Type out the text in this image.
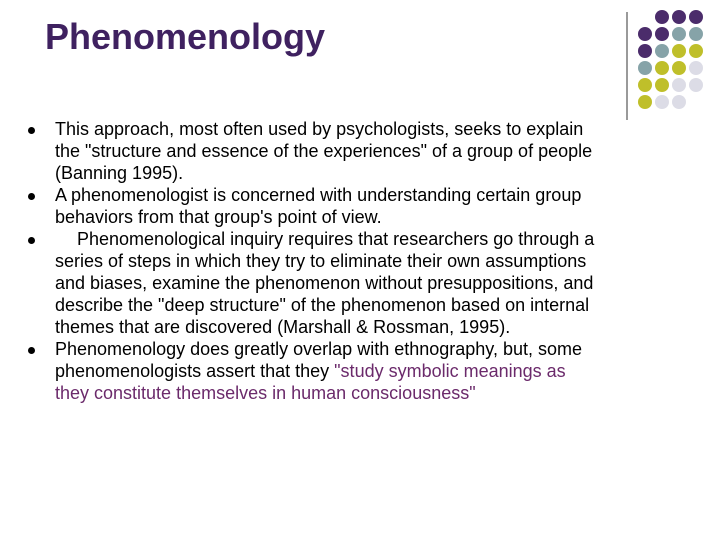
Phenomenology
This approach, most often used by psychologists, seeks to explain
the "structure and essence of the experiences" of a group of people
(Banning 1995).
A phenomenologist is concerned with understanding certain group
behaviors from that group's point of view.
Phenomenological inquiry requires that researchers go through a
series of steps in which they try to eliminate their own assumptions
and biases, examine the phenomenon without presuppositions, and
describe the "deep structure" of the phenomenon based on internal
themes that are discovered (Marshall & Rossman, 1995).
Phenomenology does greatly overlap with ethnography, but, some
phenomenologists assert that they "study symbolic meanings as
they constitute themselves in human consciousness"
